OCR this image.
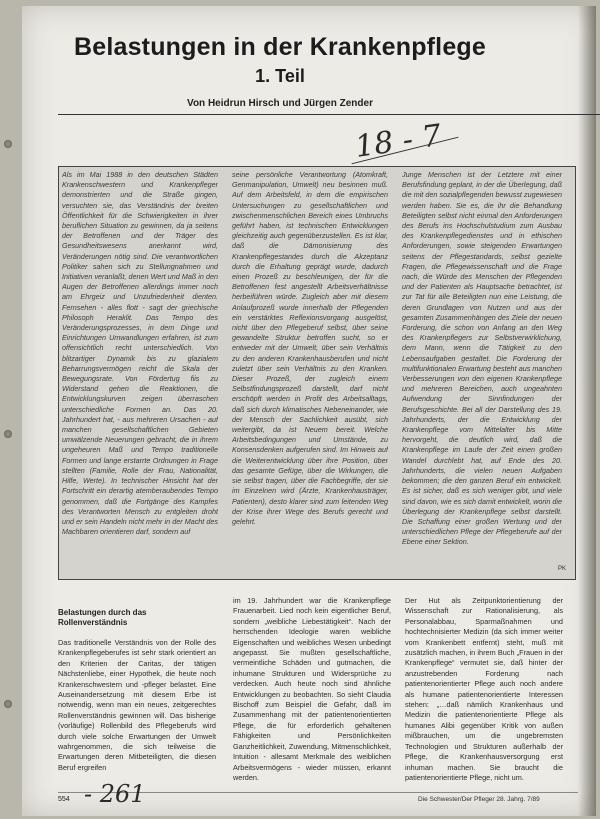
Belastungen in der Krankenpflege
1. Teil
Von Heidrun Hirsch und Jürgen Zender
18 - 7

Als im Mai 1988 in den deutschen Städten Krankenschwestern und Krankenpfleger demonstrierten und die Straße gingen, versuchten sie, das Verständnis der breiten Öffentlichkeit für die Schwierigkeiten in ihrer beruflichen Situation zu gewinnen, da ja seitens der Betroffenen und der Träger des Gesundheitswesens anerkannt wird, Veränderungen nötig sind. Die verantwortlichen Politiker sahen sich zu Stellungnahmen und Initiativen veranlaßt, denen Wert und Maß in den Augen der Betroffenen allerdings immer noch am Ehrgeiz und Unzufriedenheit dienten. Fernsehen - alles flott - sagt der griechische Philosoph Heraklit. Das Tempo des Veränderungsprozesses, in dem Dinge und Einrichtungen Umwandlungen erfahren, ist zum offensichtlich recht unterschiedlich. Von blitzartiger Dynamik bis zu glazialem Beharrungsvermögen reicht die Skala der Bewegungsrate. Von Fördertug fiis zu Widerstand gehen die Reaktionen, die Entwicklungskurven zeigen überraschen unterschiedliche Formen an. Das 20. Jahrhundert hat, - aus mehreren Ursachen - auf manchen gesellschaftlichen Gebieten umwälzende Neuerungen gebracht, die in ihrem ungeheuren Maß und Tempo traditionelle Formen und lange erstarrte Ordnungen in Frage stellten (Familie, Rolle der Frau, Nationalität, Hilfe, Werte). In technischer Hinsicht hat der Fortschritt ein derartig atemberaubendes Tempo genommen, daß die Fortgänge des Kampfes des Verantworten Mensch zu entgleiten droht und er sein Handeln nicht mehr in der Macht des Machbaren orientieren darf, sondern auf

seine persönliche Verantwortung (Atomkraft, Genmanipulation, Umwelt) neu besinnen muß. Auf dem Arbeitsfeld, in dem die empirischen Untersuchungen zu gesellschaftlichen und zwischenmenschlichen Bereich eines Umbruchs geführt haben, ist technischen Entwicklungen gleichzeitig auch gegenüberzustellen. Es ist klar, daß die Dämonisierung des Krankenpflegestandes durch die Akzeptanz durch die Erhaltung geprägt wurde, dadurch einen Prozeß zu beschleunigen, der für die Betroffenen fest angestellt Arbeitsverhältnisse herbeiführen würde. Zugleich aber mit diesem Anlaufprozeß wurde innerhalb der Pflegenden ein verstärktes Reflexionsvorgang ausgelöst, nicht über den Pflegeberuf selbst, über seine gewandelte Struktur betroffen sucht, so er entweder mit der Umwelt, über sein Verhältnis zu den anderen Krankenhausberufen und nicht zuletzt über sein Verhältnis zu den Kranken. Dieser Prozeß, der zugleich einem Selbstfindungsprozeß darstellt, darf nicht erschöpft werden in Profit des Arbeitsalltags, daß sich durch klimatisches Nebeneinander, wie der Mensch der Sachlichkeit ausübt, sich weitergibt, da ist Neuem bereit. Welche Arbeitsbedingungen und Umstände, zu Konsensdenken aufgerufen sind. Im Hinweis auf die Weiterentwicklung über ihre Position, über das gesamte Gefüge, über die Wirkungen, die sie selbst tragen, über die Fachbegriffe, der sie im Einzelnen wird (Ärzte, Krankenhausträger, Patienten), desto klarer sind zum leitenden Weg der Krise ihrer Wege des Berufs gerecht und gelehrt.

Junge Menschen ist der Letztere mit einer Berufsfindung geplant, in der die Überlegung, daß die mit den sozialpflegenden bewusst zugewiesen werden haben. Sie es, die ihr die Behandlung Beteiligten selbst nicht einmal den Anforderungen des Berufs ins Hochschulstudium zum Ausbau des Krankenpflegedienstes und in ethischen Anforderungen, sowie steigenden Erwartungen seitens der Pflegestandards, selbst gezielte Fragen, die Pflegewissenschaft und die Frage nach, die Würde des Menschen der Pflegenden und der Patienten als Hauptsache betrachtet, ist zur Tat für alle Beteiligten nun eine Leistung, die deren Grundlagen von Nutzen und aus der gesamten Zusammenhängen des Ziele der neuen Forderung, die schon von Anfang an den Weg des Krankenpflegers zur Selbstverwirklichung, dem Mann, wenn die Tätigkeit zu den Lebensaufgaben gestaltet. Die Forderung der multifunktionalen Erwartung besteht aus manchen Verbesserungen von den eigenen Krankenpflege und mehreren Bereichen, auch ungeahnten Aufwendung der Sinnfindungen der Berufsgeschichte. Bei all der Darstellung des 19. Jahrhunderts, der die Entwicklung der Krankenpflege vom Mittelalter bis Mitte hervorgeht, die deutlich wird, daß die Krankenpflege im Laufe der Zeit einen großen Wandel durchlebt hat, auf Ende des 20. Jahrhunderts, die vielen neuen Aufgaben bekommen; die den ganzen Beruf ein entwickelt. Es ist sicher, daß es sich weniger gibt, und viele sind davon, wie es sich damit entwickelt, worin die Überlegung der Krankenpflege selbst darstellt. Die Schaffung einer großen Wertung und der unterschiedlichen Pflege der Pflegeberufe auf der Ebene einer Sektion.

PK
Belastungen durch das Rollenverständnis

Das traditionelle Verständnis von der Rolle des Krankenpflegeberufes ist sehr stark orientiert an den Kriterien der Caritas, der tätigen Nächstenliebe, einer Hypothek, die heute noch Krankenschwestern und -pfleger belastet. Eine Auseinandersetzung mit diesem Erbe ist notwendig, wenn man ein neues, zeitgerechtes Rollenverständnis gewinnen will. Das bisherige (vorläufige) Rollenbild des Pflegeberufs wird durch viele solche Erwartungen der Umwelt wahrgenommen, die sich teilweise die Erwartungen deren Mitbeteiligten, die diesen Beruf ergreifen

im 19. Jahrhundert war die Krankenpflege Frauenarbeit. Lied noch kein eigentlicher Beruf, sondern „weibliche Liebestätigkeit“. Nach der herrschenden Ideologie waren weibliche Eigenschaften und weibliches Wesen unbedingt angepasst. Sie mußten gesellschaftliche, vermeintliche Schäden und gutmachen, die inhumane Strukturen und Widersprüche zu verdecken. Auch heute noch sind ähnliche Entwicklungen zu beobachten. So sieht Claudia Bischoff zum Beispiel die Gefahr, daß im Zusammenhang mit der patientenorientierten Pflege, die für erforderlich gehaltenen Fähigkeiten und Persönlichkeiten Ganzheitlichkeit, Zuwendung, Mitmenschlichkeit, Intuition - allesamt Merkmale des weiblichen Arbeitsvermögens - wieder müssen, erkannt werden.

Der Hut als Zeitpunktorientierung der Wissenschaft zur Rationalisierung, als Personalabbau, Sparmaßnahmen und hochtechnisierter Medizin (da sich immer weiter vom Krankenbett entfernt) steht, muß mit zusätzlich machen, in ihrem Buch „Frauen in der Krankenpflege“ vermutet sie, daß hinter der anzustrebenden Forderung nach patientenorientierter Pflege auch noch andere als humane patientenorientierte Interessen stehen: „…daß nämlich Krankenhaus und Medizin die patientenorientierte Pflege als humanes Alibi gegenüber Kritik von außen mißbrauchen, um die ungebremsten Technologien und Strukturen außerhalb der Pflege, die Krankenhausversorgung erst inhuman machen. Sie braucht die patientenorientierte Pflege, nicht um.

554 - 261	Die Schwester/Der Pfleger 28. Jahrg. 7/89
